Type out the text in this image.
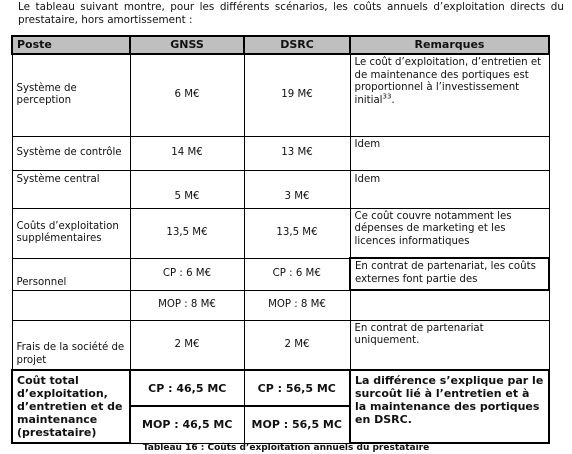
Le tableau suivant montre, pour les différents scénarios, les coûts annuels d’exploitation directs du prestataire, hors amortissement :
Poste	GNSS	DSRC	Remarques
Système de perception	6 M€	19 M€	Le coût d’exploitation, d’entretien et de maintenance des portiques est proportionnel à l’investissement initial$^{33}$.
Système de contrôle	14 M€	13 M€	Idem
Système central	5 M€	3 M€	Idem
Coûts d’exploitation supplémentaires	13,5 M€	13,5 M€	Ce coût couvre notamment les dépenses de marketing et les licences informatiques
Personnel	CP : 6 M€	CP : 6 M€	En contrat de partenariat, les coûts externes font partie des
	MOP : 8 M€	MOP : 8 M€	
Frais de la société de projet	2 M€	2 M€	En contrat de partenariat uniquement.
Coût total d’exploitation, d’entretien et de maintenance (prestataire)	CP : 46,5 MC	CP : 56,5 MC	La différence s’explique par le surcoût lié à l’entretien et à la maintenance des portiques en DSRC.
	MOP : 46,5 MC	MOP : 56,5 MC	
Tableau 16 : Coûts d’exploitation annuels du prestataire
